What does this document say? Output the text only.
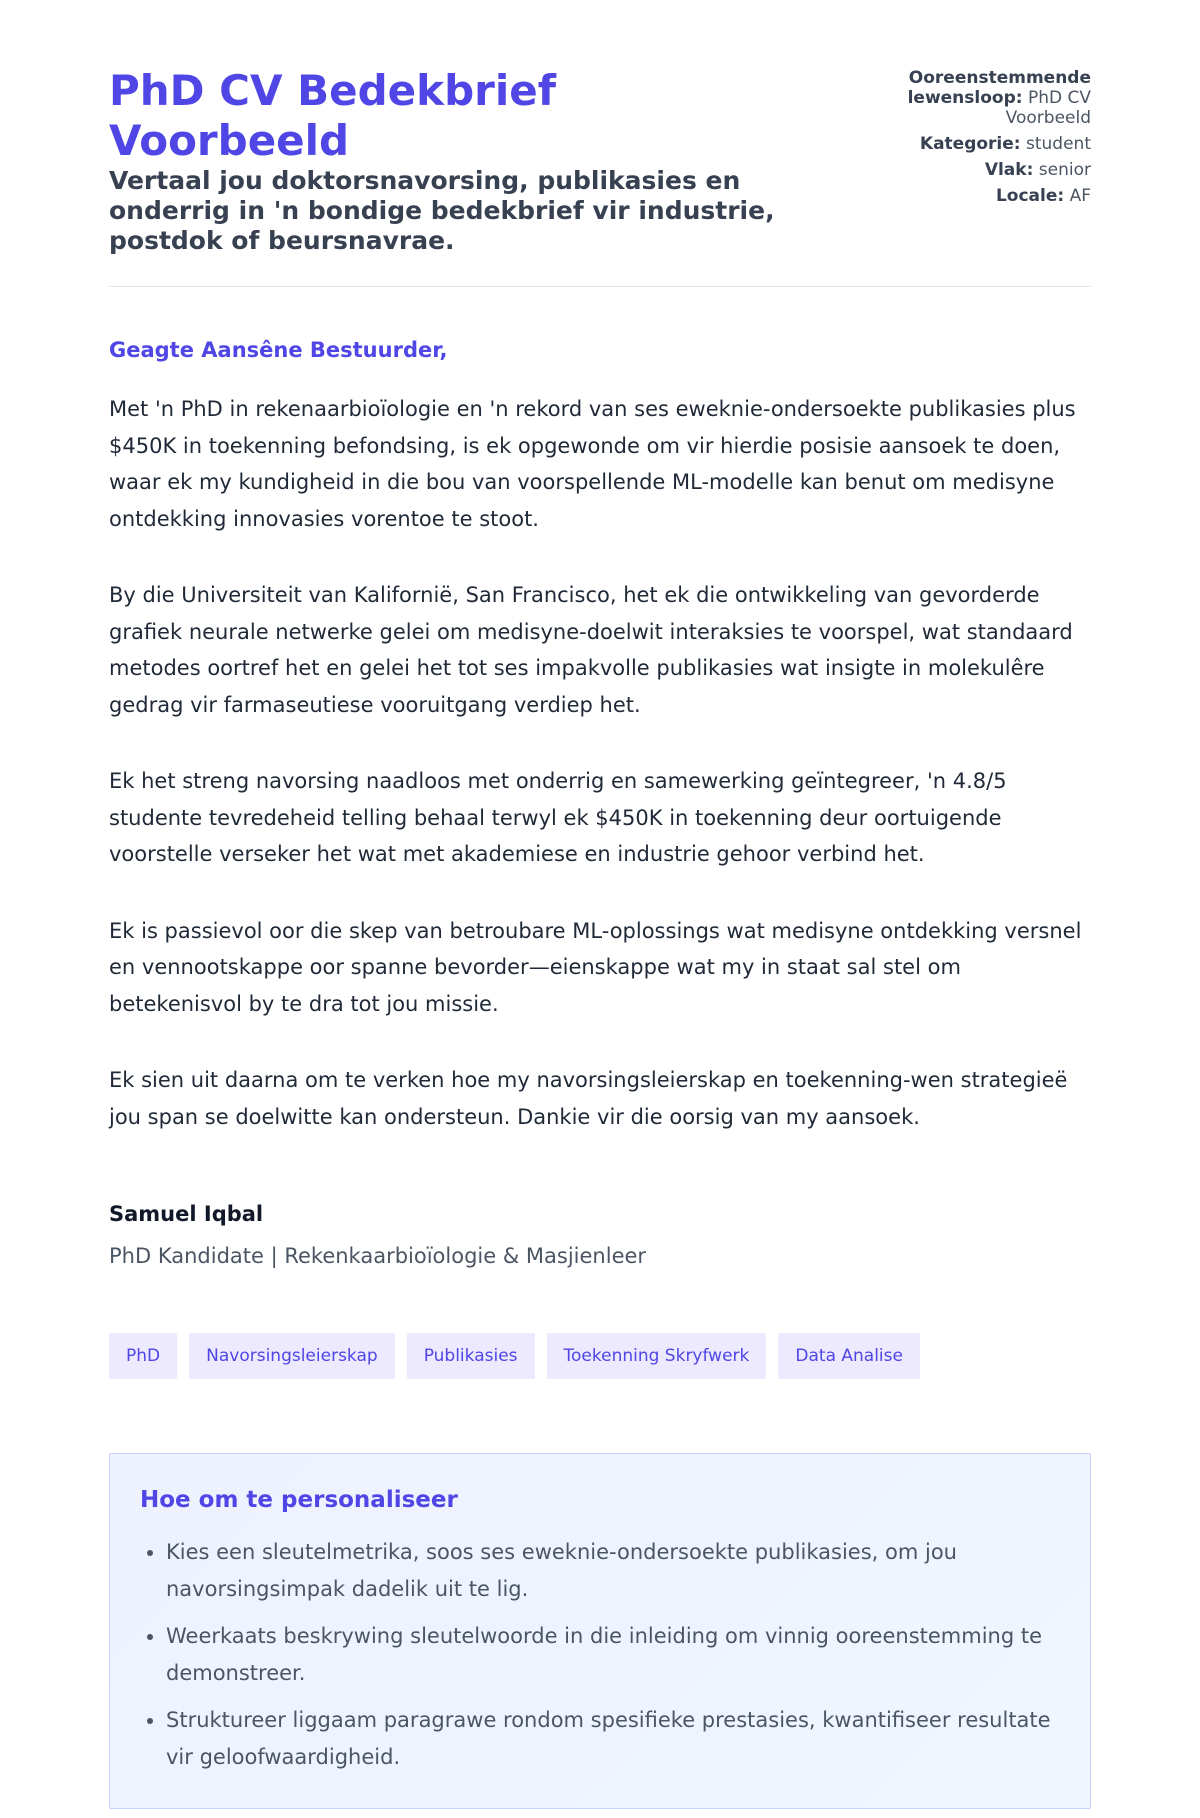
PhD CV Bedekbrief Voorbeeld

Vertaal jou doktorsnavorsing, publikasies en onderrig in 'n bondige bedekbrief vir industrie, postdok of beursnavrae.

Ooreenstemmende lewensloop: PhD CV Voorbeeld
Kategorie: student
Vlak: senior
Locale: AF

Geagte Aansêne Bestuurder,

Met 'n PhD in rekenaarbioïologie en 'n rekord van ses eweknie-ondersoekte publikasies plus $450K in toekenning befondsing, is ek opgewonde om vir hierdie posisie aansoek te doen, waar ek my kundigheid in die bou van voorspellende ML-modelle kan benut om medisyne ontdekking innovasies vorentoe te stoot.

By die Universiteit van Kalifornië, San Francisco, het ek die ontwikkeling van gevorderde grafiek neurale netwerke gelei om medisyne-doelwit interaksies te voorspel, wat standaard metodes oortref het en gelei het tot ses impakvolle publikasies wat insigte in molekulêre gedrag vir farmaseutiese vooruitgang verdiep het.

Ek het streng navorsing naadloos met onderrig en samewerking geïntegreer, 'n 4.8/5 studente tevredeheid telling behaal terwyl ek $450K in toekenning deur oortuigende voorstelle verseker het wat met akademiese en industrie gehoor verbind het.

Ek is passievol oor die skep van betroubare ML-oplossings wat medisyne ontdekking versnel en vennootskappe oor spanne bevorder—eienskappe wat my in staat sal stel om betekenisvol by te dra tot jou missie.

Ek sien uit daarna om te verken hoe my navorsingsleierskap en toekenning-wen strategieë jou span se doelwitte kan ondersteun. Dankie vir die oorsig van my aansoek.

Samuel Iqbal
PhD Kandidate | Rekenkaarbioïologie & Masjienleer
PhD	Navorsingsleierskap	Publikasies	Toekenning Skryfwerk	Data Analise
Hoe om te personaliseer
• Kies een sleutelmetrika, soos ses eweknie-ondersoekte publikasies, om jou navorsingsimpak dadelik uit te lig.
• Weerkaats beskrywing sleutelwoorde in die inleiding om vinnig ooreenstemming te demonstreer.
• Struktureer liggaam paragrawe rondom spesifieke prestasies, kwantifiseer resultate vir geloofwaardigheid.
